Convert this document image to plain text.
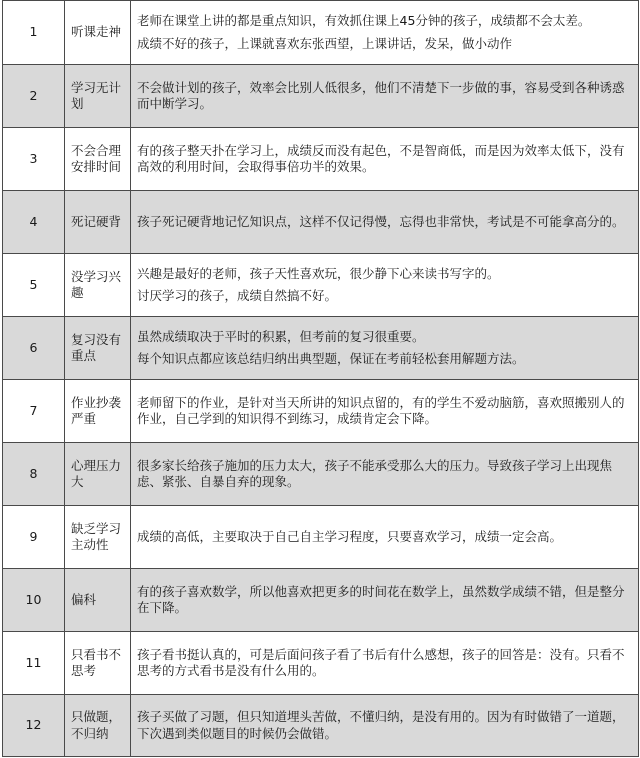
1	听课走神	老师在课堂上讲的都是重点知识，有效抓住课上45分钟的孩子，成绩都不会太差。

成绩不好的孩子，上课就喜欢东张西望，上课讲话，发呆，做小动作

2	学习无计划	不会做计划的孩子，效率会比别人低很多，他们不清楚下一步做的事，容易受到各种诱惑而中断学习。

3	不会合理安排时间	有的孩子整天扑在学习上，成绩反而没有起色，不是智商低，而是因为效率太低下，没有高效的利用时间，会取得事倍功半的效果。

4	死记硬背	孩子死记硬背地记忆知识点，这样不仅记得慢，忘得也非常快，考试是不可能拿高分的。

5	没学习兴趣	兴趣是最好的老师，孩子天性喜欢玩，很少静下心来读书写字的。

讨厌学习的孩子，成绩自然搞不好。

6	复习没有重点	虽然成绩取决于平时的积累，但考前的复习很重要。

每个知识点都应该总结归纳出典型题，保证在考前轻松套用解题方法。

7	作业抄袭严重	老师留下的作业，是针对当天所讲的知识点留的，有的学生不爱动脑筋，喜欢照搬别人的作业，自己学到的知识得不到练习，成绩肯定会下降。

8	心理压力大	很多家长给孩子施加的压力太大，孩子不能承受那么大的压力。导致孩子学习上出现焦虑、紧张、自暴自弃的现象。

9	缺乏学习主动性	成绩的高低，主要取决于自己自主学习程度，只要喜欢学习，成绩一定会高。

10	偏科	有的孩子喜欢数学，所以他喜欢把更多的时间花在数学上，虽然数学成绩不错，但是整分在下降。

11	只看书不思考	孩子看书挺认真的，可是后面问孩子看了书后有什么感想，孩子的回答是：没有。只看不思考的方式看书是没有什么用的。

12	只做题，不归纳	孩子买做了习题，但只知道埋头苦做，不懂归纳，是没有用的。因为有时做错了一道题，下次遇到类似题目的时候仍会做错。
